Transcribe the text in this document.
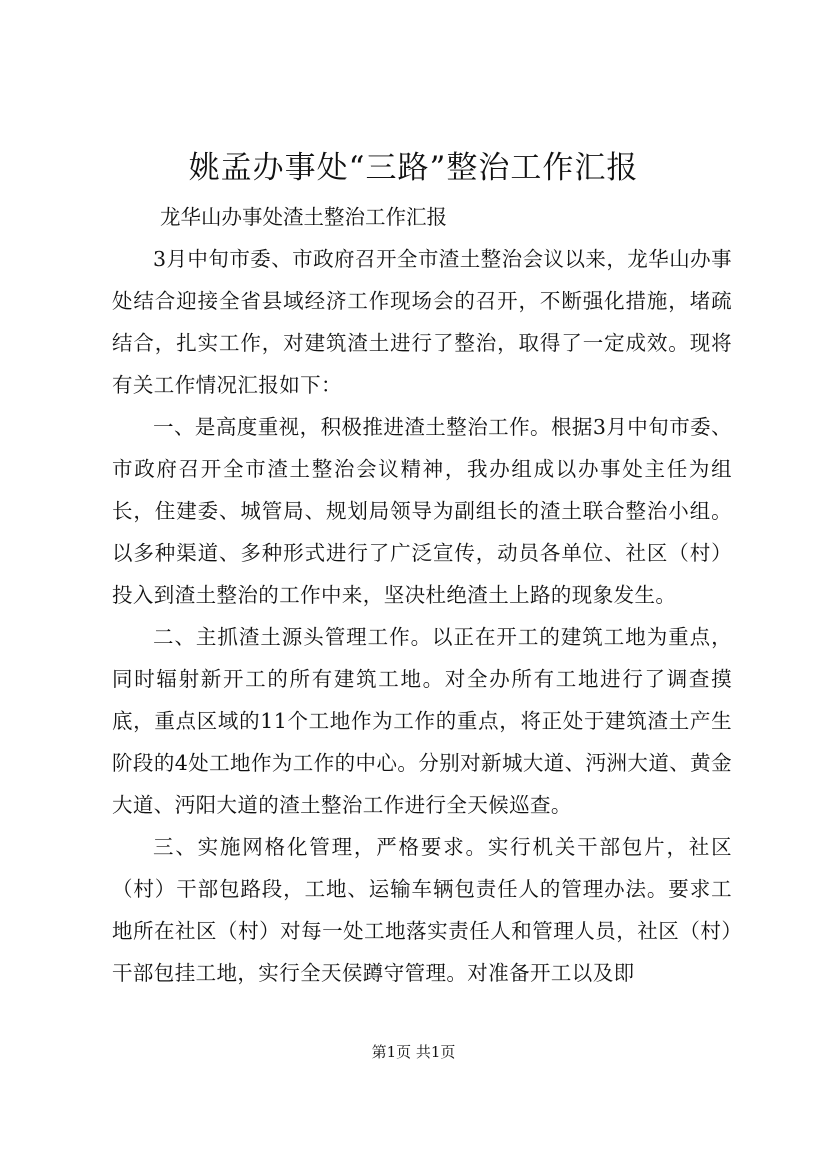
姚孟办事处“三路”整治工作汇报

龙华山办事处渣土整治工作汇报

3月中旬市委、市政府召开全市渣土整治会议以来，龙华山办事处结合迎接全省县域经济工作现场会的召开，不断强化措施，堵疏结合，扎实工作，对建筑渣土进行了整治，取得了一定成效。现将有关工作情况汇报如下：

一、是高度重视，积极推进渣土整治工作。根据3月中旬市委、市政府召开全市渣土整治会议精神，我办组成以办事处主任为组长，住建委、城管局、规划局领导为副组长的渣土联合整治小组。以多种渠道、多种形式进行了广泛宣传，动员各单位、社区（村）投入到渣土整治的工作中来，坚决杜绝渣土上路的现象发生。

二、主抓渣土源头管理工作。以正在开工的建筑工地为重点，同时辐射新开工的所有建筑工地。对全办所有工地进行了调查摸底，重点区域的11个工地作为工作的重点，将正处于建筑渣土产生阶段的4处工地作为工作的中心。分别对新城大道、沔洲大道、黄金大道、沔阳大道的渣土整治工作进行全天候巡查。

三、实施网格化管理，严格要求。实行机关干部包片，社区（村）干部包路段，工地、运输车辆包责任人的管理办法。要求工地所在社区（村）对每一处工地落实责任人和管理人员，社区（村）干部包挂工地，实行全天侯蹲守管理。对准备开工以及即

第1页 共1页
